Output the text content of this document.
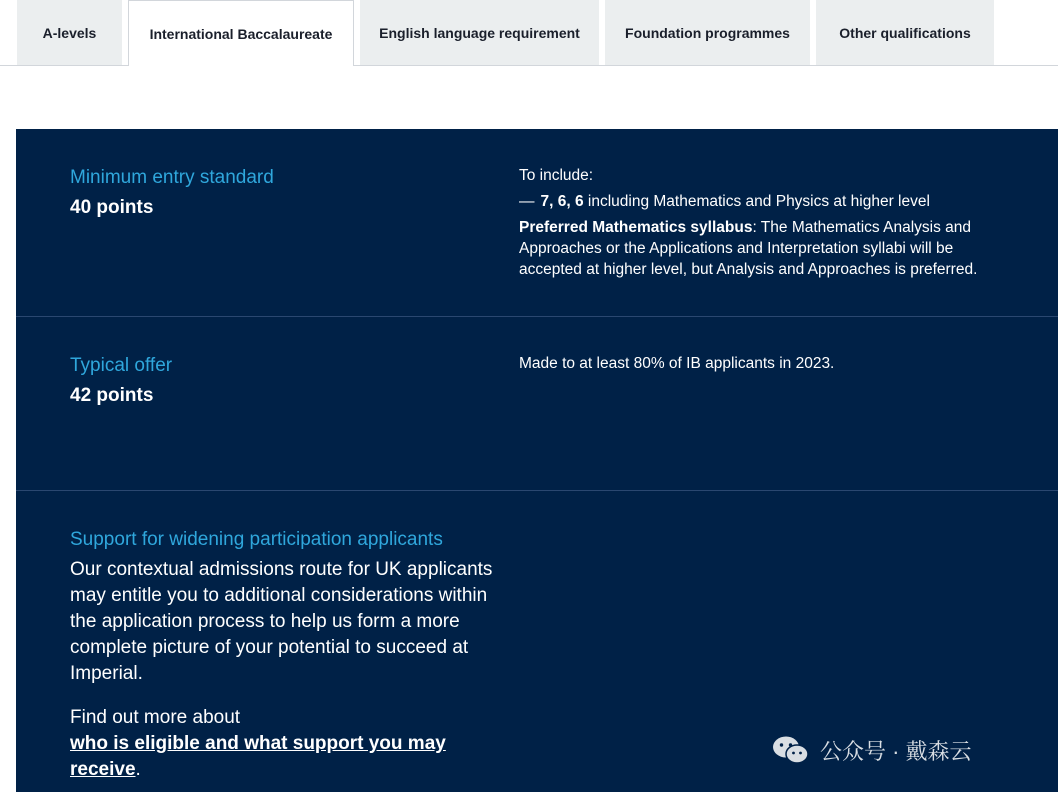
A-levels	International Baccalaureate	English language requirement	Foundation programmes	Other qualifications
Minimum entry standard
40 points

To include:

— 7, 6, 6 including Mathematics and Physics at higher level

Preferred Mathematics syllabus: The Mathematics Analysis and Approaches or the Applications and Interpretation syllabi will be accepted at higher level, but Analysis and Approaches is preferred.

Typical offer
42 points
Made to at least 80% of IB applicants in 2023.
Support for widening participation applicants

Our contextual admissions route for UK applicants may entitle you to additional considerations within the application process to help us form a more complete picture of your potential to succeed at Imperial.

Find out more about

who is eligible and what support you may receive.

公众号 · 戴森云
